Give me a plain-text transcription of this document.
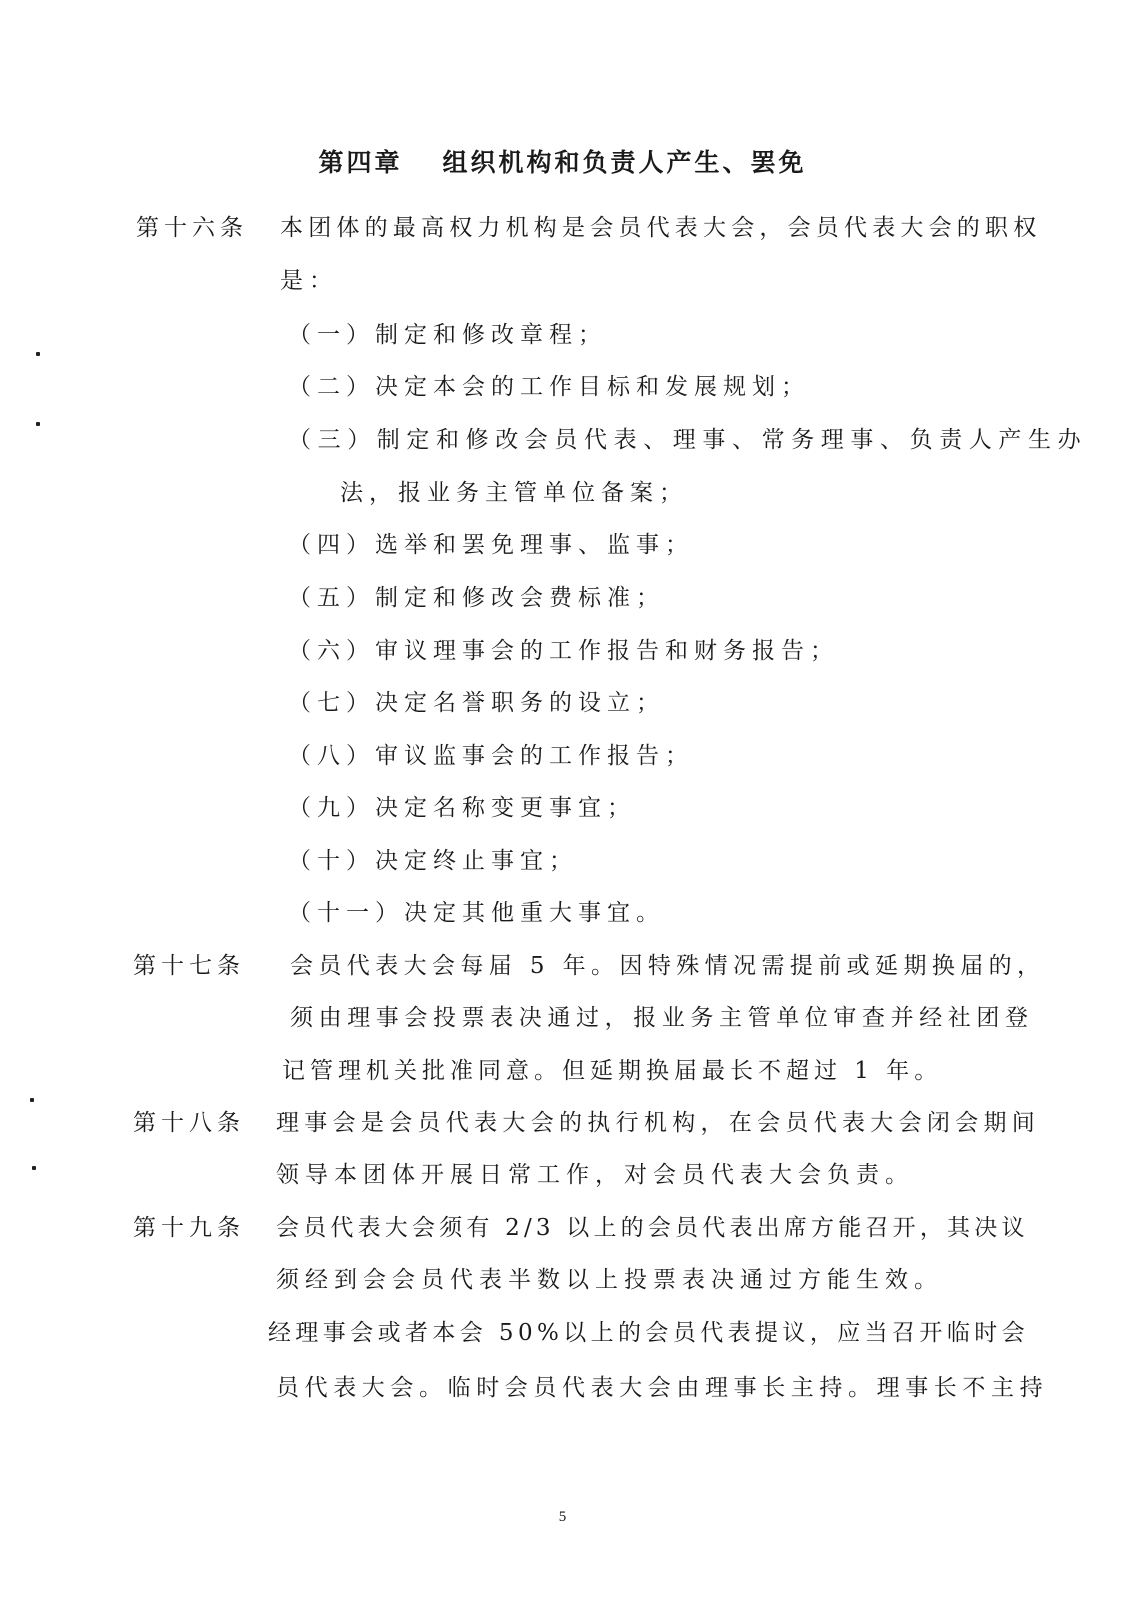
第四章 组织机构和负责人产生、罢免
第十六条 本团体的最高权力机构是会员代表大会，会员代表大会的职权
是：
（一）制定和修改章程；
（二）决定本会的工作目标和发展规划；
（三）制定和修改会员代表、理事、常务理事、负责人产生办
法，报业务主管单位备案；
（四）选举和罢免理事、监事；
（五）制定和修改会费标准；
（六）审议理事会的工作报告和财务报告；
（七）决定名誉职务的设立；
（八）审议监事会的工作报告；
（九）决定名称变更事宜；
（十）决定终止事宜；
（十一）决定其他重大事宜。
第十七条 会员代表大会每届 5 年。因特殊情况需提前或延期换届的，
须由理事会投票表决通过，报业务主管单位审查并经社团登
记管理机关批准同意。但延期换届最长不超过 1 年。
第十八条 理事会是会员代表大会的执行机构，在会员代表大会闭会期间
领导本团体开展日常工作，对会员代表大会负责。
第十九条 会员代表大会须有 2/3 以上的会员代表出席方能召开，其决议
须经到会会员代表半数以上投票表决通过方能生效。
经理事会或者本会 50%以上的会员代表提议，应当召开临时会
员代表大会。临时会员代表大会由理事长主持。理事长不主持
5
